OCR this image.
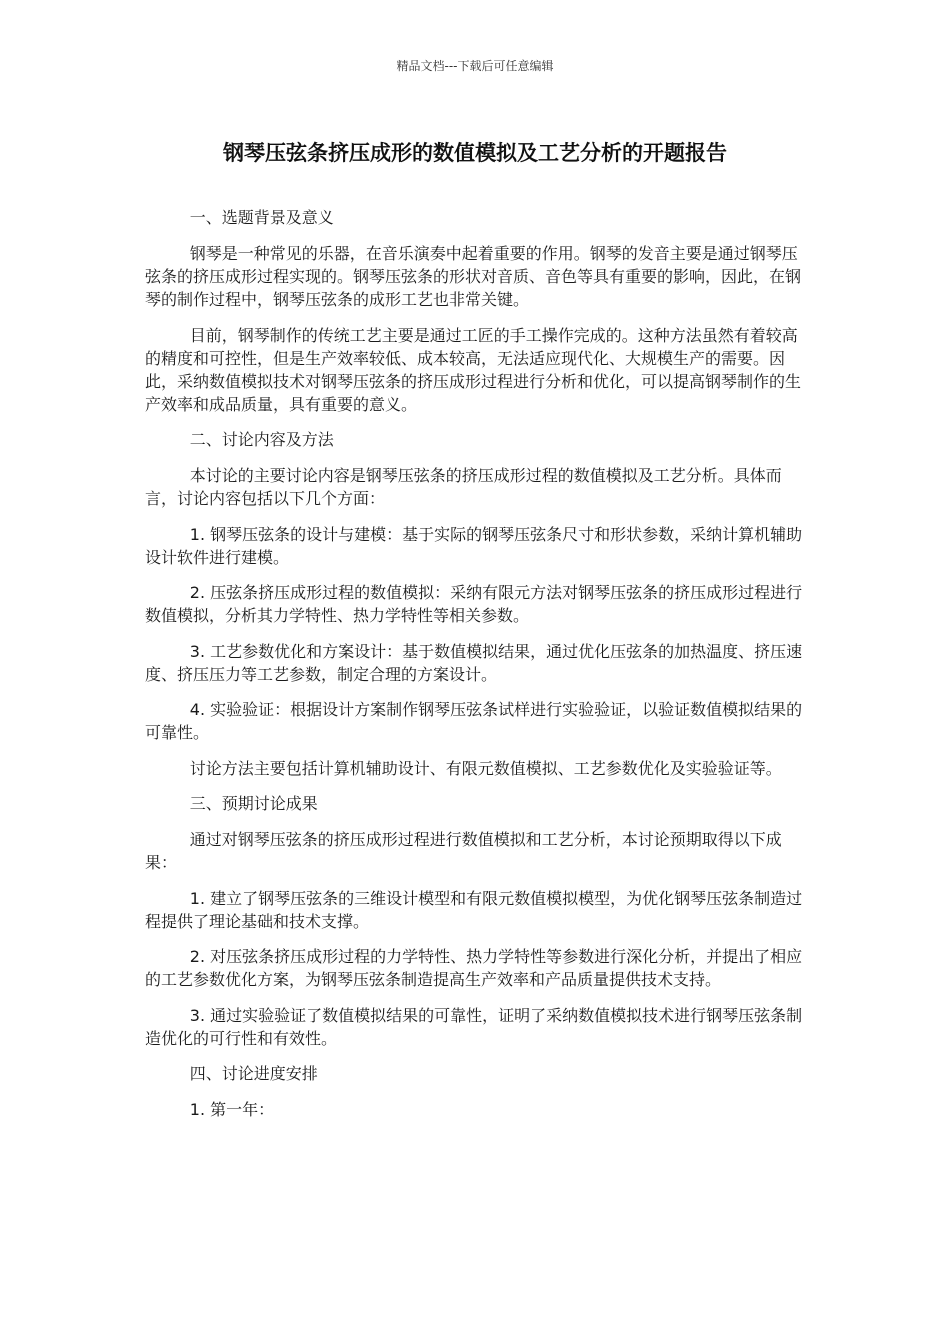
精品文档---下载后可任意编辑
钢琴压弦条挤压成形的数值模拟及工艺分析的开题报告

一、选题背景及意义

钢琴是一种常见的乐器，在音乐演奏中起着重要的作用。钢琴的发音主要是通过钢琴压弦条的挤压成形过程实现的。钢琴压弦条的形状对音质、音色等具有重要的影响，因此，在钢琴的制作过程中，钢琴压弦条的成形工艺也非常关键。

目前，钢琴制作的传统工艺主要是通过工匠的手工操作完成的。这种方法虽然有着较高的精度和可控性，但是生产效率较低、成本较高，无法适应现代化、大规模生产的需要。因此，采纳数值模拟技术对钢琴压弦条的挤压成形过程进行分析和优化，可以提高钢琴制作的生产效率和成品质量，具有重要的意义。

二、讨论内容及方法

本讨论的主要讨论内容是钢琴压弦条的挤压成形过程的数值模拟及工艺分析。具体而言，讨论内容包括以下几个方面：

1. 钢琴压弦条的设计与建模：基于实际的钢琴压弦条尺寸和形状参数，采纳计算机辅助设计软件进行建模。

2. 压弦条挤压成形过程的数值模拟：采纳有限元方法对钢琴压弦条的挤压成形过程进行数值模拟，分析其力学特性、热力学特性等相关参数。

3. 工艺参数优化和方案设计：基于数值模拟结果，通过优化压弦条的加热温度、挤压速度、挤压压力等工艺参数，制定合理的方案设计。

4. 实验验证：根据设计方案制作钢琴压弦条试样进行实验验证，以验证数值模拟结果的可靠性。

讨论方法主要包括计算机辅助设计、有限元数值模拟、工艺参数优化及实验验证等。

三、预期讨论成果

通过对钢琴压弦条的挤压成形过程进行数值模拟和工艺分析，本讨论预期取得以下成果：

1. 建立了钢琴压弦条的三维设计模型和有限元数值模拟模型，为优化钢琴压弦条制造过程提供了理论基础和技术支撑。

2. 对压弦条挤压成形过程的力学特性、热力学特性等参数进行深化分析，并提出了相应的工艺参数优化方案，为钢琴压弦条制造提高生产效率和产品质量提供技术支持。

3. 通过实验验证了数值模拟结果的可靠性，证明了采纳数值模拟技术进行钢琴压弦条制造优化的可行性和有效性。

四、讨论进度安排

1. 第一年：
